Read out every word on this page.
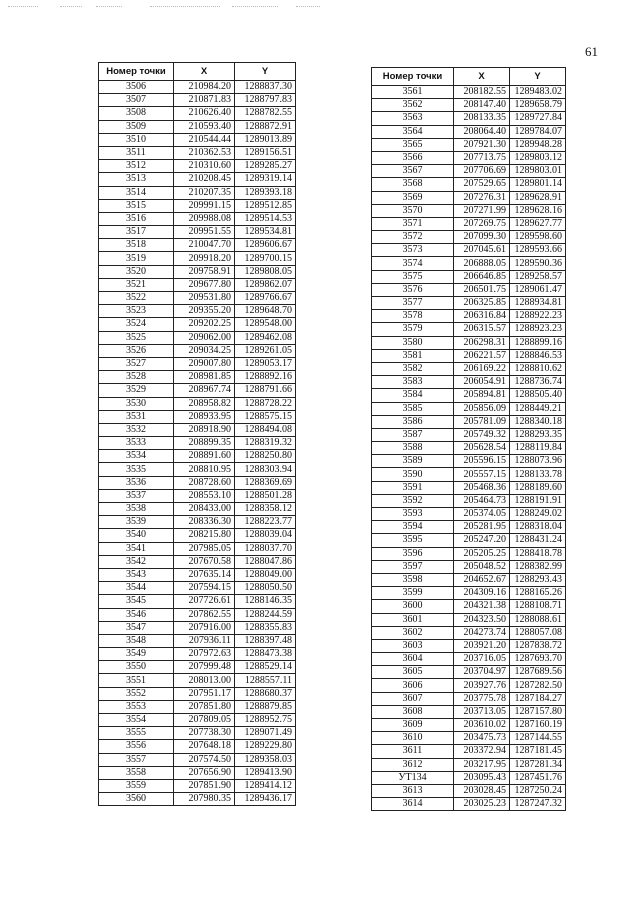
61
Номер точки	X	Y
3506	210984.20	1288837.30
3507	210871.83	1288797.83
3508	210626.40	1288782.55
3509	210593.40	1288872.91
3510	210544.44	1289013.89
3511	210362.53	1289156.51
3512	210310.60	1289285.27
3513	210208.45	1289319.14
3514	210207.35	1289393.18
3515	209991.15	1289512.85
3516	209988.08	1289514.53
3517	209951.55	1289534.81
3518	210047.70	1289606.67
3519	209918.20	1289700.15
3520	209758.91	1289808.05
3521	209677.80	1289862.07
3522	209531.80	1289766.67
3523	209355.20	1289648.70
3524	209202.25	1289548.00
3525	209062.00	1289462.08
3526	209034.25	1289261.05
3527	209007.80	1289053.17
3528	208981.85	1288892.16
3529	208967.74	1288791.66
3530	208958.82	1288728.22
3531	208933.95	1288575.15
3532	208918.90	1288494.08
3533	208899.35	1288319.32
3534	208891.60	1288250.80
3535	208810.95	1288303.94
3536	208728.60	1288369.69
3537	208553.10	1288501.28
3538	208433.00	1288358.12
3539	208336.30	1288223.77
3540	208215.80	1288039.04
3541	207985.05	1288037.70
3542	207670.58	1288047.86
3543	207635.14	1288049.00
3544	207594.15	1288050.50
3545	207726.61	1288146.35
3546	207862.55	1288244.59
3547	207916.00	1288355.83
3548	207936.11	1288397.48
3549	207972.63	1288473.38
3550	207999.48	1288529.14
3551	208013.00	1288557.11
3552	207951.17	1288680.37
3553	207851.80	1288879.85
3554	207809.05	1288952.75
3555	207738.30	1289071.49
3556	207648.18	1289229.80
3557	207574.50	1289358.03
3558	207656.90	1289413.90
3559	207851.90	1289414.12
3560	207980.35	1289436.17
Номер точки	X	Y
3561	208182.55	1289483.02
3562	208147.40	1289658.79
3563	208133.35	1289727.84
3564	208064.40	1289784.07
3565	207921.30	1289948.28
3566	207713.75	1289803.12
3567	207706.69	1289803.01
3568	207529.65	1289801.14
3569	207276.31	1289628.91
3570	207271.99	1289628.16
3571	207269.75	1289627.77
3572	207099.30	1289598.60
3573	207045.61	1289593.66
3574	206888.05	1289590.36
3575	206646.85	1289258.57
3576	206501.75	1289061.47
3577	206325.85	1288934.81
3578	206316.84	1288922.23
3579	206315.57	1288923.23
3580	206298.31	1288899.16
3581	206221.57	1288846.53
3582	206169.22	1288810.62
3583	206054.91	1288736.74
3584	205894.81	1288505.40
3585	205856.09	1288449.21
3586	205781.09	1288340.18
3587	205749.32	1288293.35
3588	205628.54	1288119.84
3589	205596.15	1288073.96
3590	205557.15	1288133.78
3591	205468.36	1288189.60
3592	205464.73	1288191.91
3593	205374.05	1288249.02
3594	205281.95	1288318.04
3595	205247.20	1288431.24
3596	205205.25	1288418.78
3597	205048.52	1288382.99
3598	204652.67	1288293.43
3599	204309.16	1288165.26
3600	204321.38	1288108.71
3601	204323.50	1288088.61
3602	204273.74	1288057.08
3603	203921.20	1287838.72
3604	203716.05	1287693.70
3605	203704.97	1287689.56
3606	203927.76	1287282.50
3607	203775.78	1287184.27
3608	203713.05	1287157.80
3609	203610.02	1287160.19
3610	203475.73	1287144.55
3611	203372.94	1287181.45
3612	203217.95	1287281.34
УТ134	203095.43	1287451.76
3613	203028.45	1287250.24
3614	203025.23	1287247.32
